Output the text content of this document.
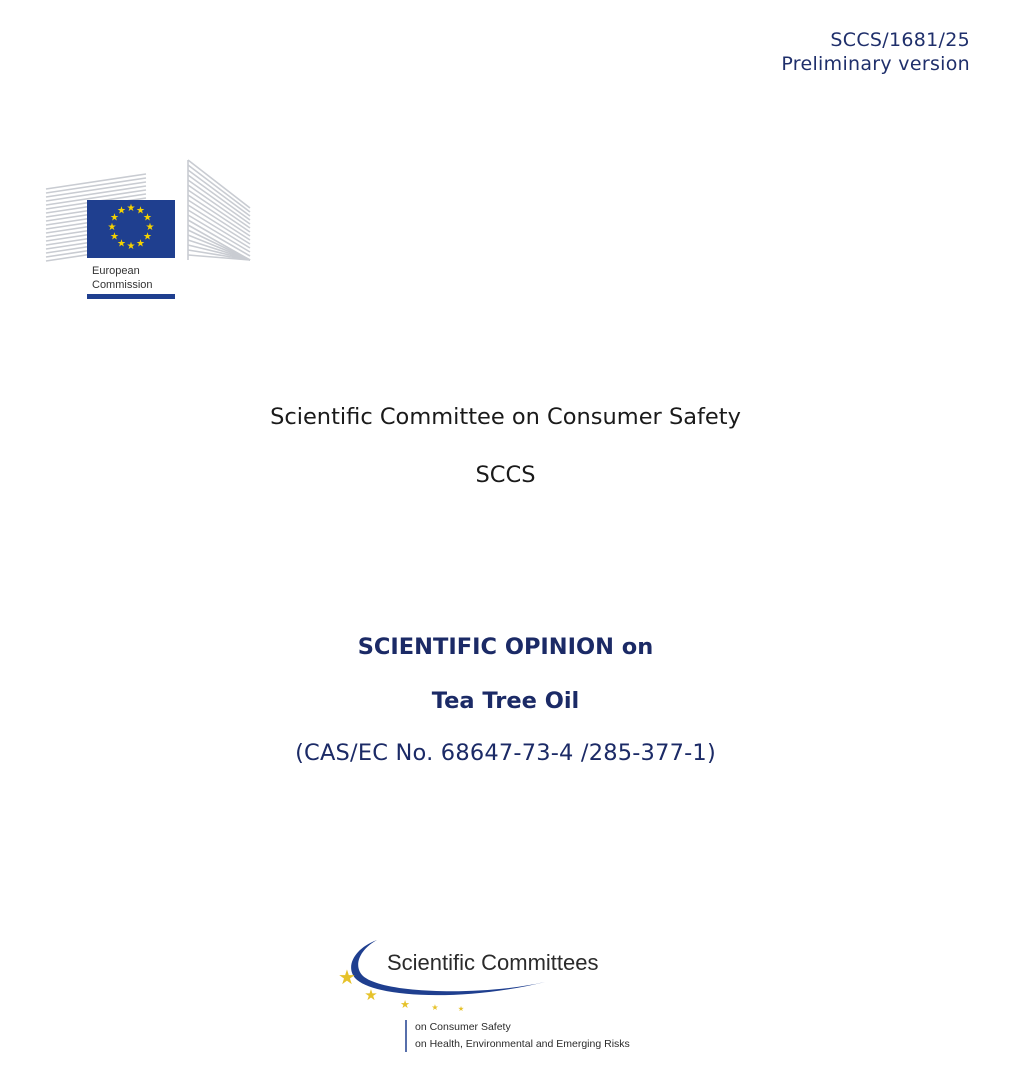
SCCS/1681/25
Preliminary version
★ ★
★
★
★
★
★
★
★
★
★
★
European
Commission
Scientific Committee on Consumer Safety
SCCS
SCIENTIFIC OPINION on
Tea Tree Oil
(CAS/EC No. 68647-73-4 /285-377-1)
Scientific Committees
★
★
★	★	★
on Consumer Safety
on Health, Environmental and Emerging Risks
